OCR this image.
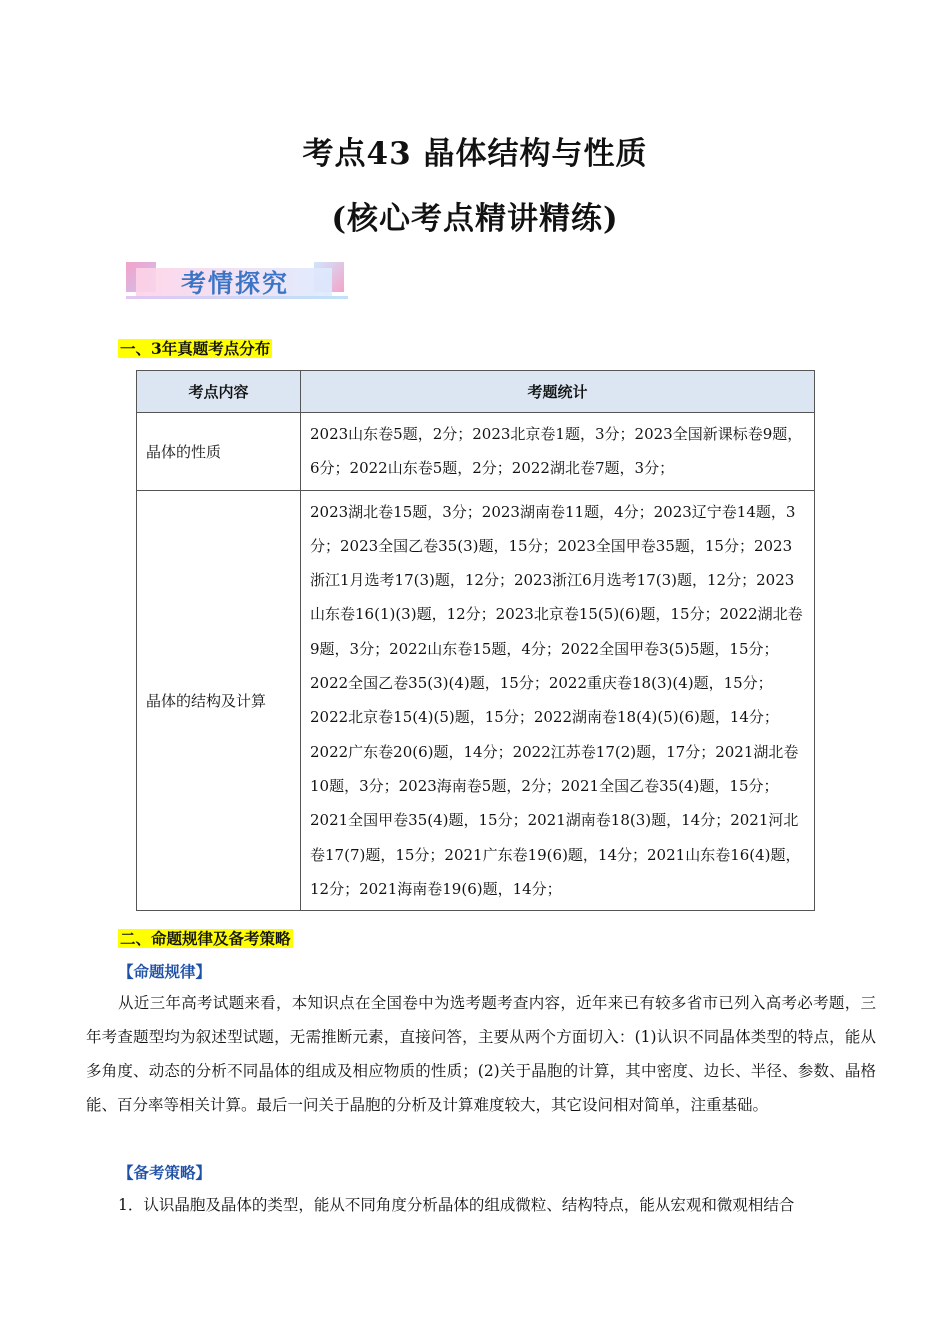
考点43 晶体结构与性质
(核心考点精讲精练)
考情探究
一、3年真题考点分布
考点内容	考题统计
晶体的性质	2023山东卷5题，2分；2023北京卷1题，3分；2023全国新课标卷9题，6分；2022山东卷5题，2分；2022湖北卷7题，3分；
晶体的结构及计算	2023湖北卷15题，3分；2023湖南卷11题，4分；2023辽宁卷14题，3分；2023全国乙卷35(3)题，15分；2023全国甲卷35题，15分；2023浙江1月选考17(3)题，12分；2023浙江6月选考17(3)题，12分；2023山东卷16(1)(3)题，12分；2023北京卷15(5)(6)题，15分；2022湖北卷9题，3分；2022山东卷15题，4分；2022全国甲卷3(5)5题，15分；2022全国乙卷35(3)(4)题，15分；2022重庆卷18(3)(4)题，15分；2022北京卷15(4)(5)题，15分；2022湖南卷18(4)(5)(6)题，14分；2022广东卷20(6)题，14分；2022江苏卷17(2)题，17分；2021湖北卷10题，3分；2023海南卷5题，2分；2021全国乙卷35(4)题，15分；2021全国甲卷35(4)题，15分；2021湖南卷18(3)题，14分；2021河北卷17(7)题，15分；2021广东卷19(6)题，14分；2021山东卷16(4)题，12分；2021海南卷19(6)题，14分；
二、命题规律及备考策略
【命题规律】
从近三年高考试题来看，本知识点在全国卷中为选考题考查内容，近年来已有较多省市已列入高考必考题，三年考查题型均为叙述型试题，无需推断元素，直接问答，主要从两个方面切入：(1)认识不同晶体类型的特点，能从多角度、动态的分析不同晶体的组成及相应物质的性质；(2)关于晶胞的计算，其中密度、边长、半径、参数、晶格能、百分率等相关计算。最后一问关于晶胞的分析及计算难度较大，其它设问相对简单，注重基础。
【备考策略】
1．认识晶胞及晶体的类型，能从不同角度分析晶体的组成微粒、结构特点，能从宏观和微观相结合
